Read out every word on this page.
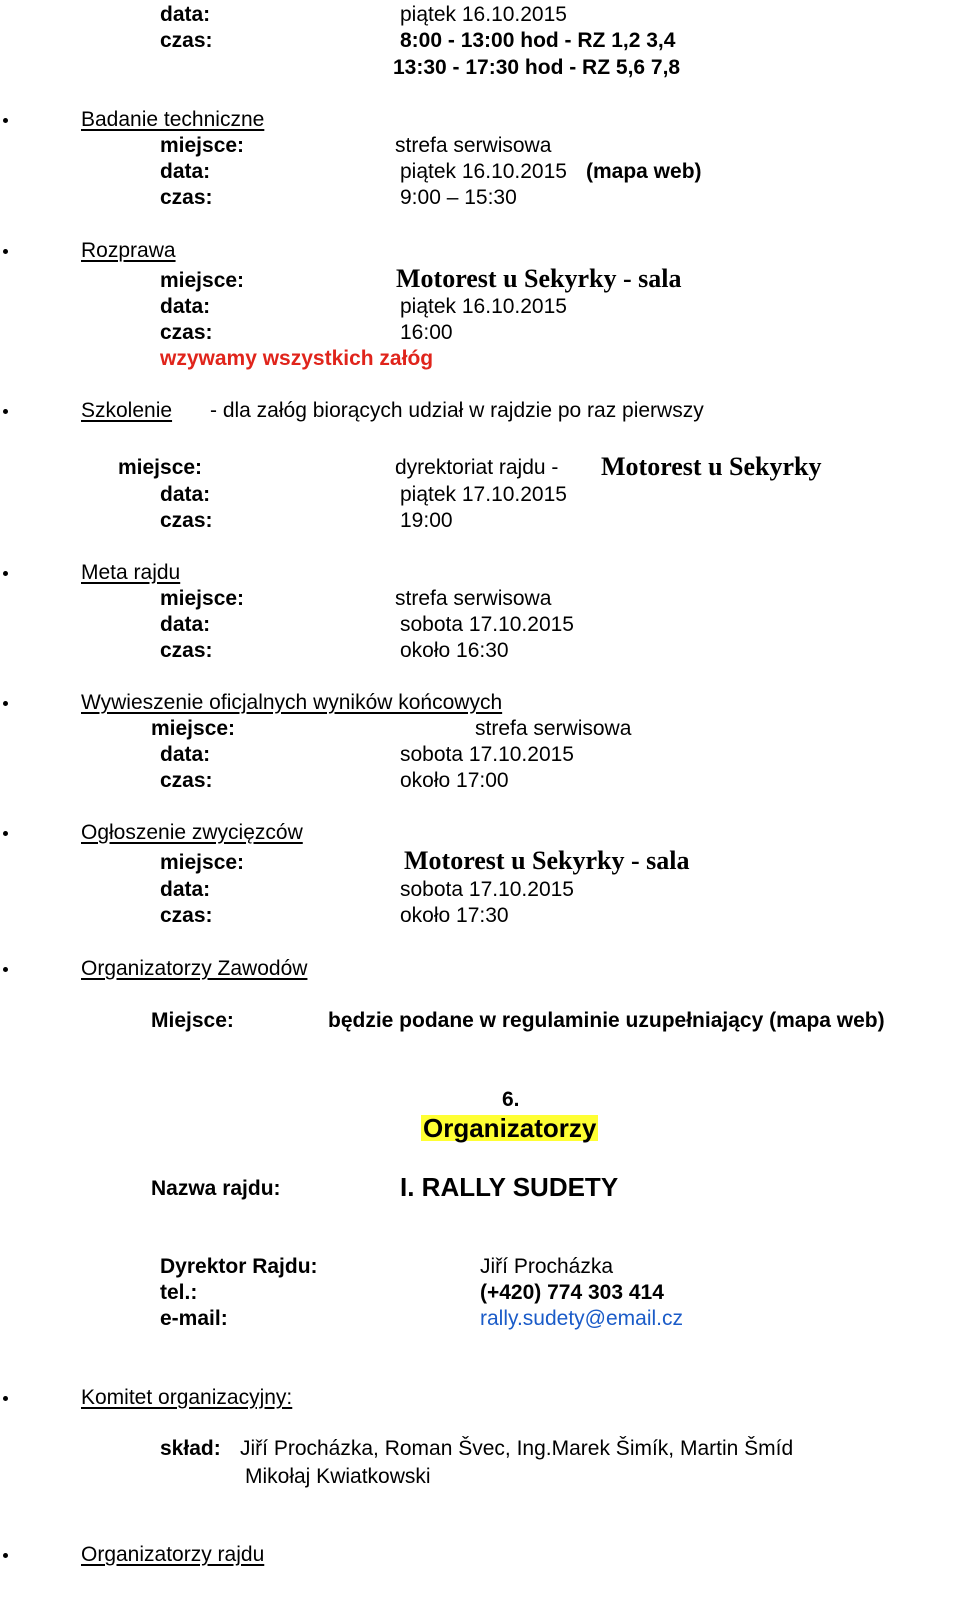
data:	piątek 16.10.2015
czas:	8:00 - 13:00 hod - RZ 1,2 3,4
13:30 - 17:30 hod - RZ 5,6 7,8
Badanie techniczne
miejsce:	strefa serwisowa
data:	piątek 16.10.2015 (mapa web)
czas:	9:00 – 15:30
Rozprawa
miejsce:	Motorest u Sekyrky - sala
data:	piątek 16.10.2015
czas:	16:00
wzywamy wszystkich załóg
Szkolenie - dla załóg biorących udział w rajdzie po raz pierwszy
miejsce:	dyrektoriat rajdu - Motorest u Sekyrky
data:	piątek 17.10.2015
czas:	19:00
Meta rajdu
miejsce:	strefa serwisowa
data:	sobota 17.10.2015
czas:	około 16:30
Wywieszenie oficjalnych wyników końcowych
miejsce:	strefa serwisowa
data:	sobota 17.10.2015
czas:	około 17:00
Ogłoszenie zwycięzców
miejsce:	Motorest u Sekyrky - sala
data:	sobota 17.10.2015
czas:	około 17:30
Organizatorzy Zawodów
Miejsce:	będzie podane w regulaminie uzupełniający (mapa web)
6.
Organizatorzy
Nazwa rajdu:	I. RALLY SUDETY
Dyrektor Rajdu:	Jiří Procházka
tel.:	(+420) 774 303 414
e-mail:	rally.sudety@email.cz
Komitet organizacyjny:
skład: Jiří Procházka, Roman Švec, Ing.Marek Šimík, Martin Šmíd
Mikołaj Kwiatkowski
Organizatorzy rajdu
